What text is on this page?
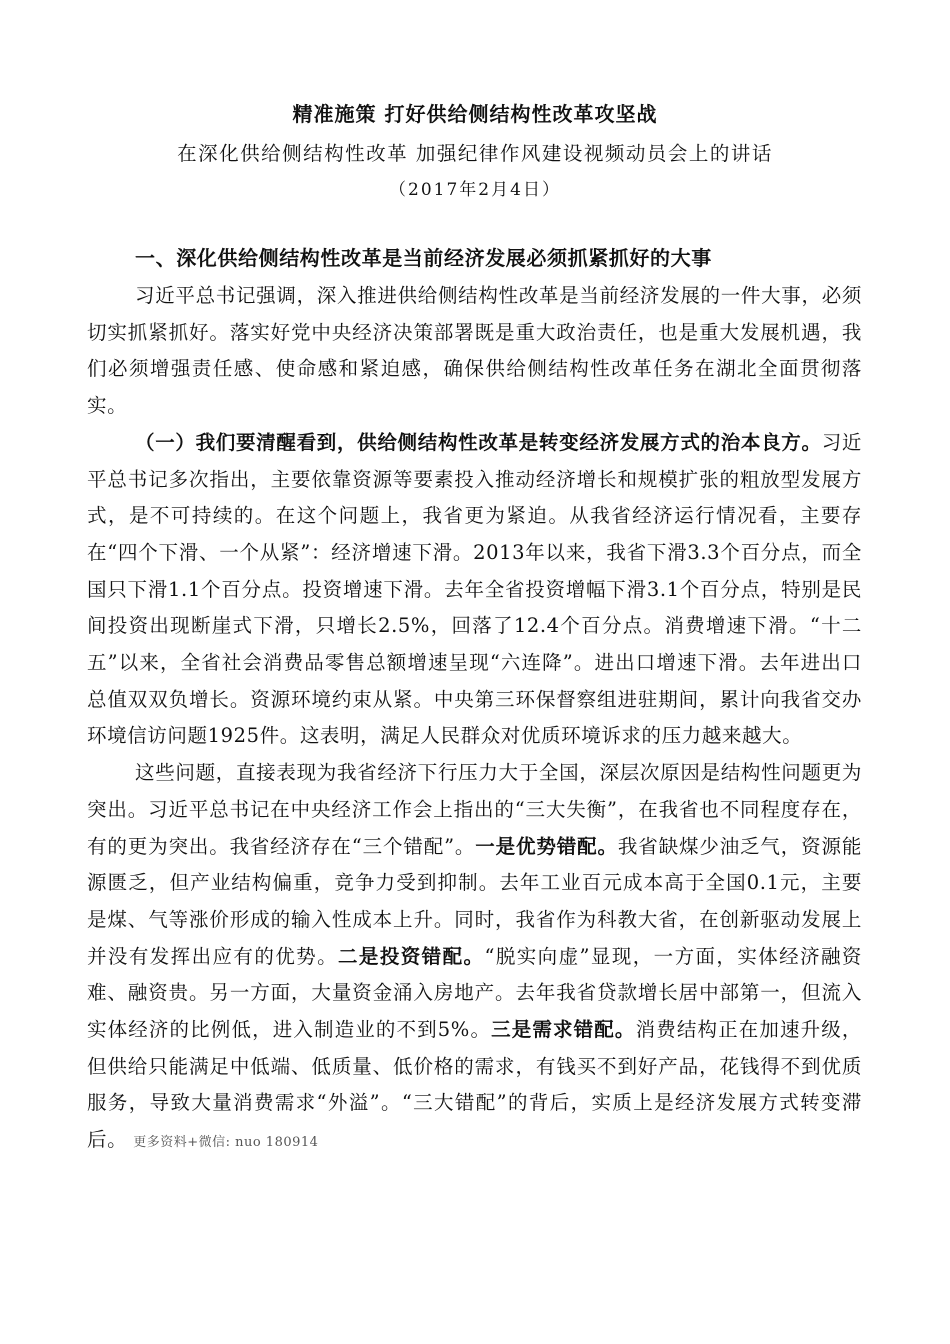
精准施策 打好供给侧结构性改革攻坚战
在深化供给侧结构性改革 加强纪律作风建设视频动员会上的讲话
（2017年2月4日）
一、深化供给侧结构性改革是当前经济发展必须抓紧抓好的大事

习近平总书记强调，深入推进供给侧结构性改革是当前经济发展的一件大事，必须切实抓紧抓好。落实好党中央经济决策部署既是重大政治责任，也是重大发展机遇，我们必须增强责任感、使命感和紧迫感，确保供给侧结构性改革任务在湖北全面贯彻落实。

（一）我们要清醒看到，供给侧结构性改革是转变经济发展方式的治本良方。习近平总书记多次指出，主要依靠资源等要素投入推动经济增长和规模扩张的粗放型发展方式，是不可持续的。在这个问题上，我省更为紧迫。从我省经济运行情况看，主要存在“四个下滑、一个从紧”：经济增速下滑。2013年以来，我省下滑3.3个百分点，而全国只下滑1.1个百分点。投资增速下滑。去年全省投资增幅下滑3.1个百分点，特别是民间投资出现断崖式下滑，只增长2.5%，回落了12.4个百分点。消费增速下滑。“十二五”以来，全省社会消费品零售总额增速呈现“六连降”。进出口增速下滑。去年进出口总值双双负增长。资源环境约束从紧。中央第三环保督察组进驻期间，累计向我省交办环境信访问题1925件。这表明，满足人民群众对优质环境诉求的压力越来越大。

这些问题，直接表现为我省经济下行压力大于全国，深层次原因是结构性问题更为突出。习近平总书记在中央经济工作会上指出的“三大失衡”，在我省也不同程度存在，有的更为突出。我省经济存在“三个错配”。一是优势错配。我省缺煤少油乏气，资源能源匮乏，但产业结构偏重，竞争力受到抑制。去年工业百元成本高于全国0.1元，主要是煤、气等涨价形成的输入性成本上升。同时，我省作为科教大省，在创新驱动发展上并没有发挥出应有的优势。二是投资错配。“脱实向虚”显现，一方面，实体经济融资难、融资贵。另一方面，大量资金涌入房地产。去年我省贷款增长居中部第一，但流入实体经济的比例低，进入制造业的不到5%。三是需求错配。消费结构正在加速升级，但供给只能满足中低端、低质量、低价格的需求，有钱买不到好产品，花钱得不到优质服务，导致大量消费需求“外溢”。“三大错配”的背后，实质上是经济发展方式转变滞后。 更多资料+微信: nuo 180914
